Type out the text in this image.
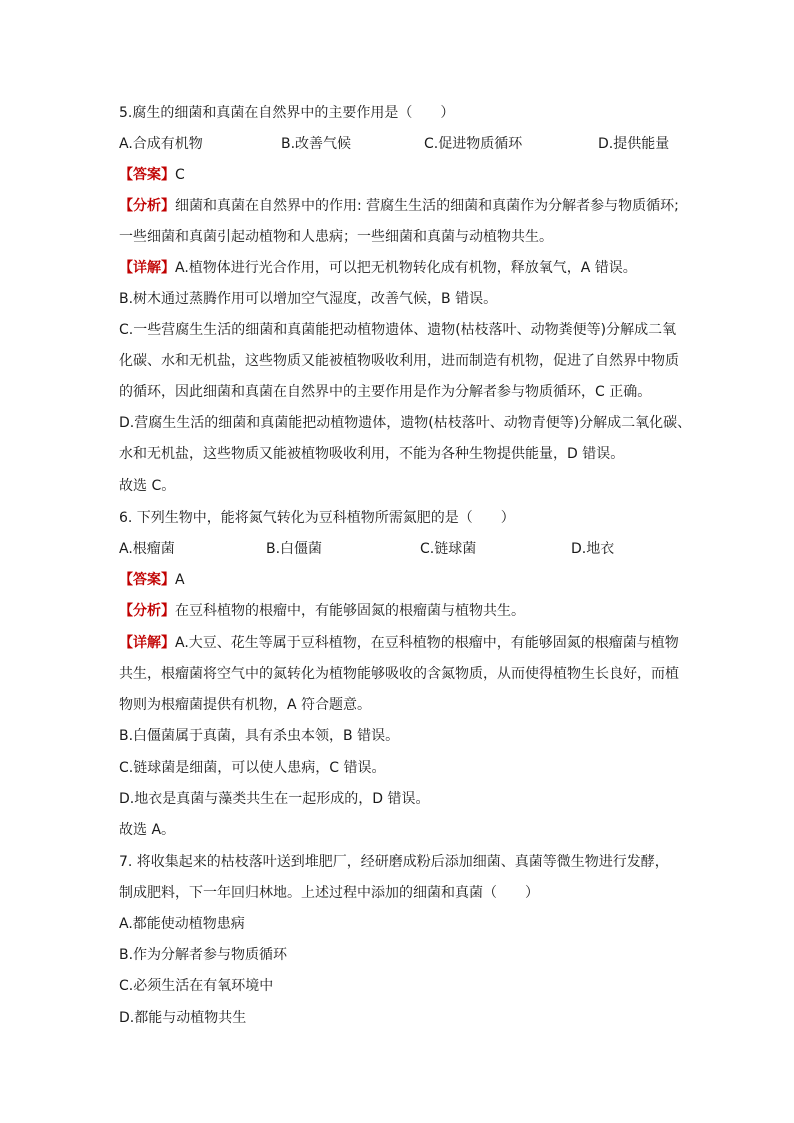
5.腐生的细菌和真菌在自然界中的主要作用是（　　）
A.合成有机物	B.改善气候	C.促进物质循环	D.提供能量
【答案】C
【分析】细菌和真菌在自然界中的作用: 营腐生生活的细菌和真菌作为分解者参与物质循环;
一些细菌和真菌引起动植物和人患病；一些细菌和真菌与动植物共生。
【详解】A.植物体进行光合作用，可以把无机物转化成有机物，释放氧气，A 错误。
B.树木通过蒸腾作用可以增加空气湿度，改善气候，B 错误。
C.一些营腐生生活的细菌和真菌能把动植物遗体、遗物(枯枝落叶、动物粪便等)分解成二氧
化碳、水和无机盐，这些物质又能被植物吸收利用，进而制造有机物，促进了自然界中物质
的循环，因此细菌和真菌在自然界中的主要作用是作为分解者参与物质循环，C 正确。
D.营腐生生活的细菌和真菌能把动植物遗体，遗物(枯枝落叶、动物青便等)分解成二氧化碳、
水和无机盐，这些物质又能被植物吸收利用，不能为各种生物提供能量，D 错误。
故选 C。
6. 下列生物中，能将氮气转化为豆科植物所需氮肥的是（　　）
A.根瘤菌	B.白僵菌	C.链球菌	D.地衣
【答案】A
【分析】在豆科植物的根瘤中，有能够固氮的根瘤菌与植物共生。
【详解】A.大豆、花生等属于豆科植物，在豆科植物的根瘤中，有能够固氮的根瘤菌与植物
共生，根瘤菌将空气中的氮转化为植物能够吸收的含氮物质，从而使得植物生长良好，而植
物则为根瘤菌提供有机物，A 符合题意。
B.白僵菌属于真菌，具有杀虫本领，B 错误。
C.链球菌是细菌，可以使人患病，C 错误。
D.地衣是真菌与藻类共生在一起形成的，D 错误。
故选 A。
7. 将收集起来的枯枝落叶送到堆肥厂，经研磨成粉后添加细菌、真菌等微生物进行发酵，
制成肥料，下一年回归林地。上述过程中添加的细菌和真菌（　　）
A.都能使动植物患病
B.作为分解者参与物质循环
C.必须生活在有氧环境中
D.都能与动植物共生
